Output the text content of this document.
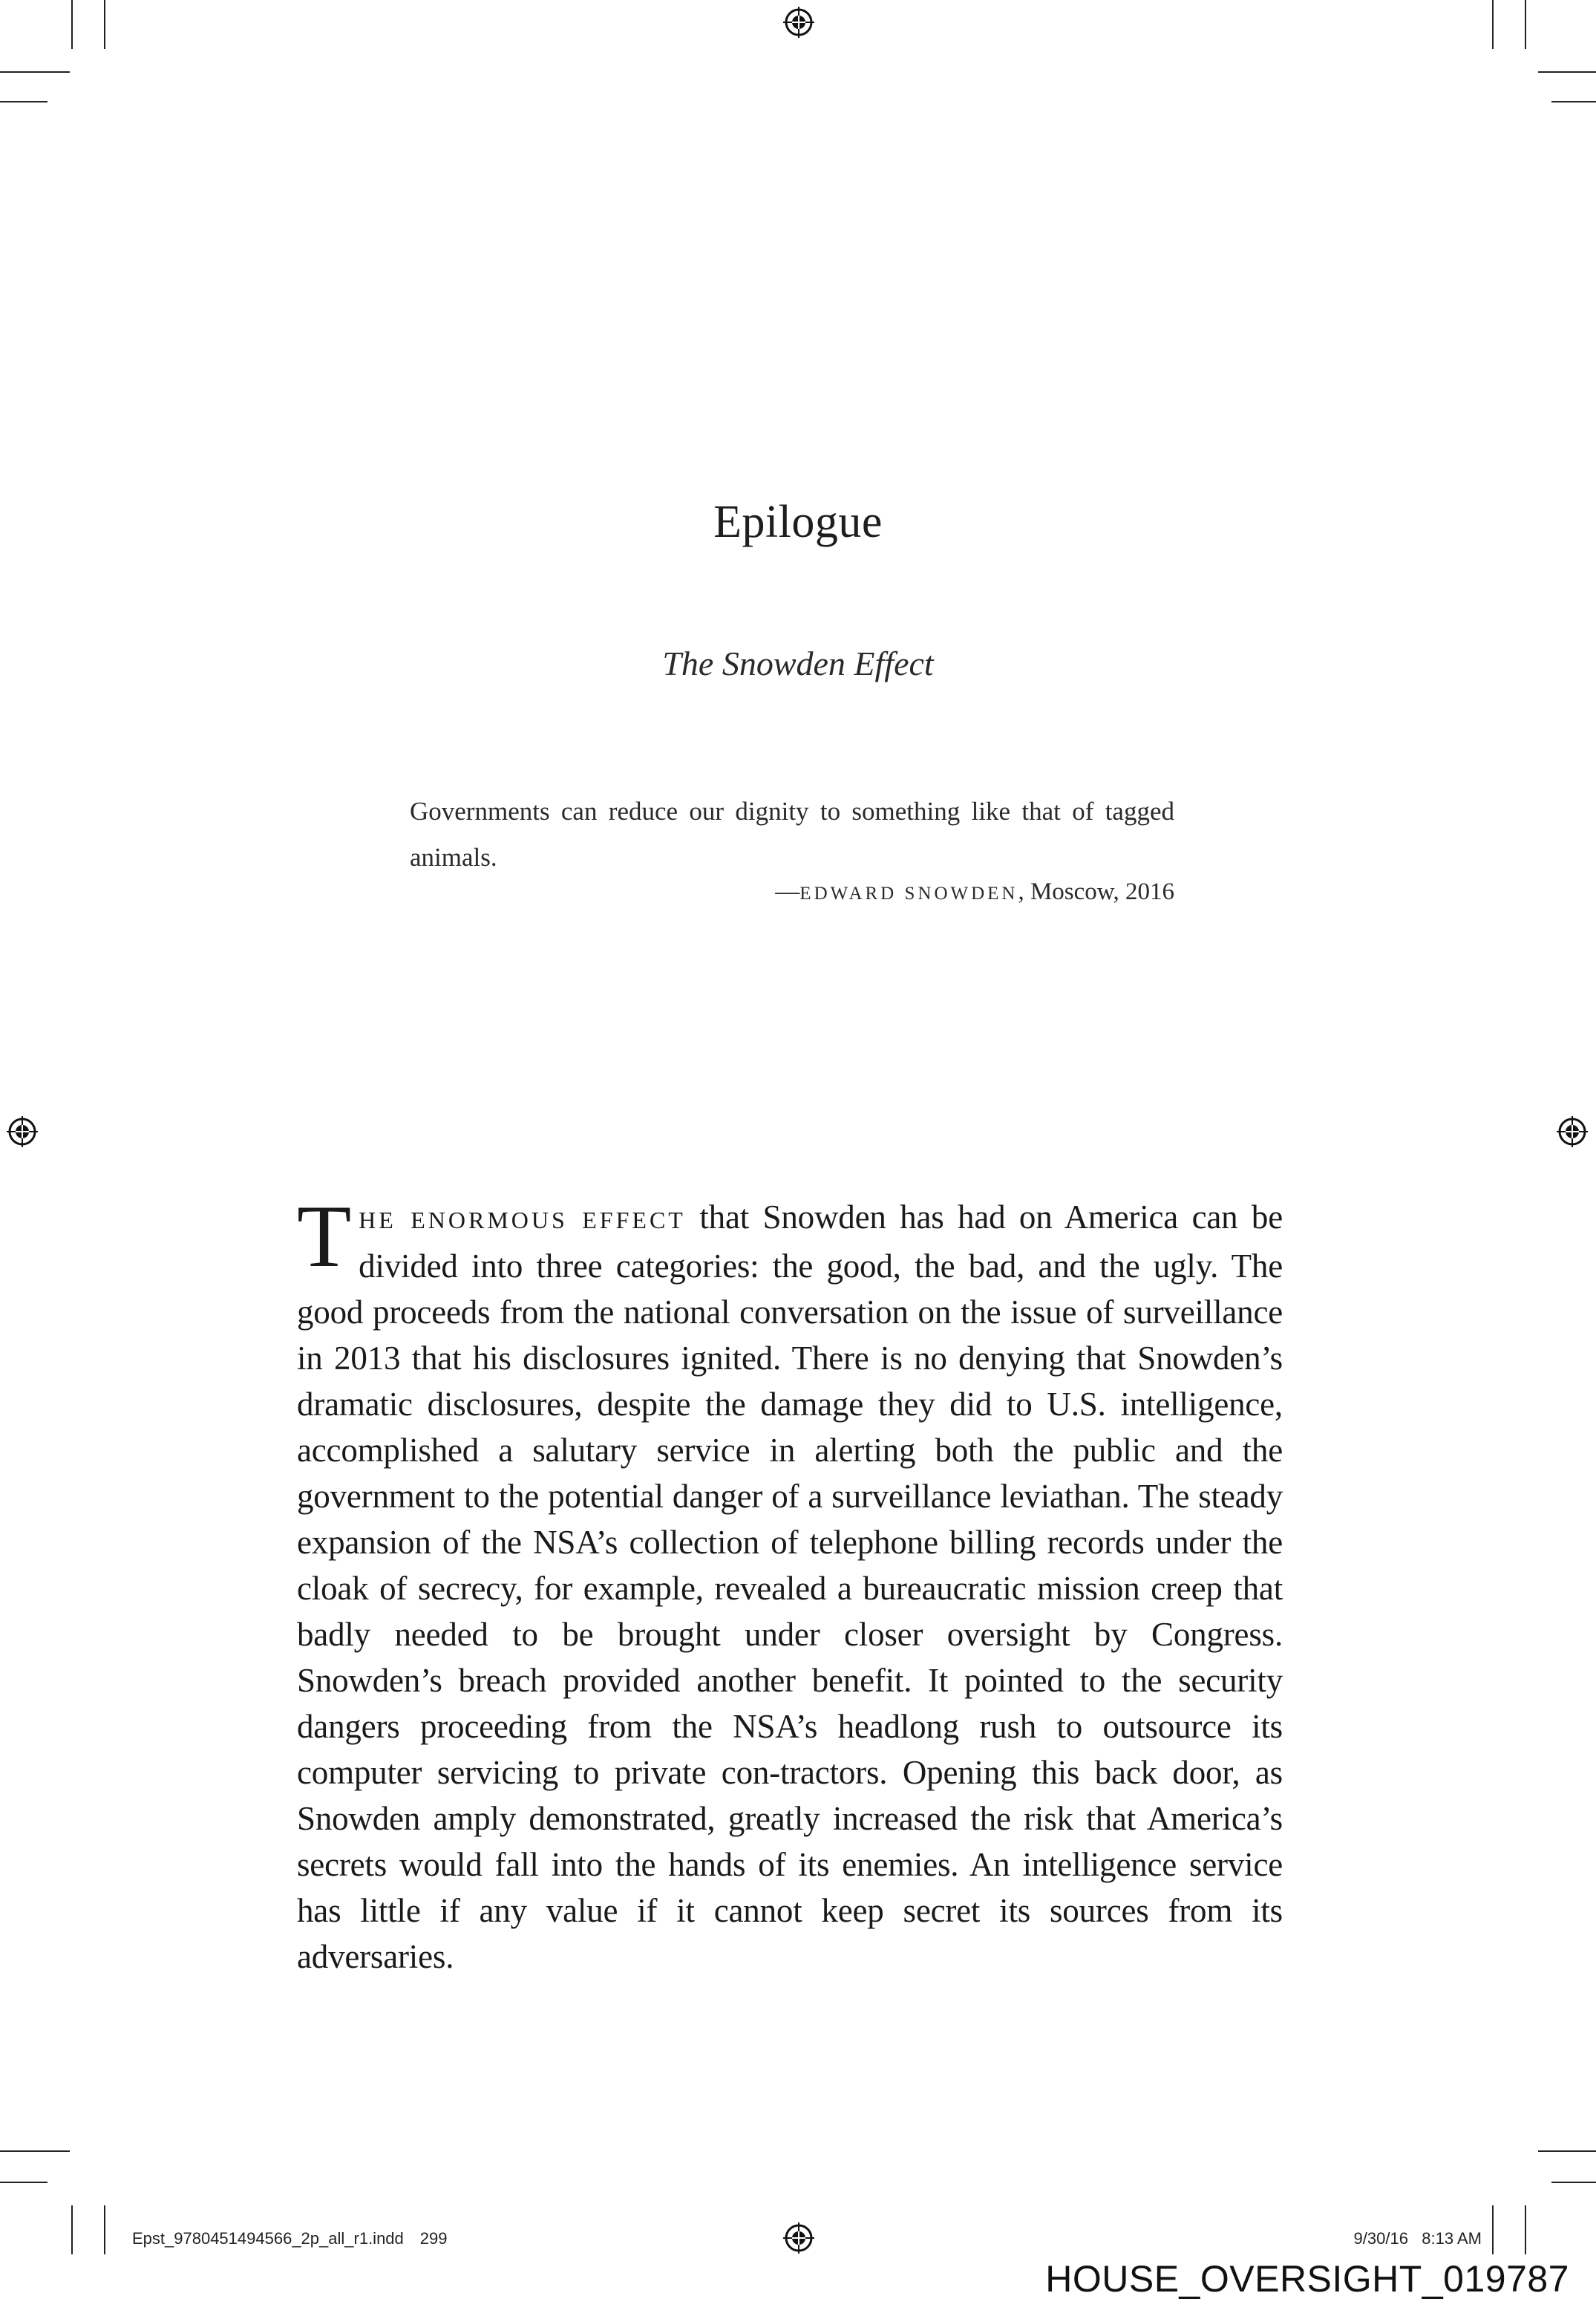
Epilogue
The Snowden Effect
Governments can reduce our dignity to something like that of tagged animals.
—EDWARD SNOWDEN, Moscow, 2016
THE ENORMOUS EFFECT that Snowden has had on America can be divided into three categories: the good, the bad, and the ugly. The good proceeds from the national conversation on the issue of surveillance in 2013 that his disclosures ignited. There is no denying that Snowden’s dramatic disclosures, despite the damage they did to U.S. intelligence, accomplished a salutary service in alerting both the public and the government to the potential danger of a surveillance leviathan. The steady expansion of the NSA’s collection of telephone billing records under the cloak of secrecy, for example, revealed a bureaucratic mission creep that badly needed to be brought under closer oversight by Congress. Snowden’s breach provided another benefit. It pointed to the security dangers proceeding from the NSA’s headlong rush to outsource its computer servicing to private con-tractors. Opening this back door, as Snowden amply demonstrated, greatly increased the risk that America’s secrets would fall into the hands of its enemies. An intelligence service has little if any value if it cannot keep secret its sources from its adversaries.
Epst_9780451494566_2p_all_r1.indd 299	9/30/16   8:13 AM
HOUSE_OVERSIGHT_019787
